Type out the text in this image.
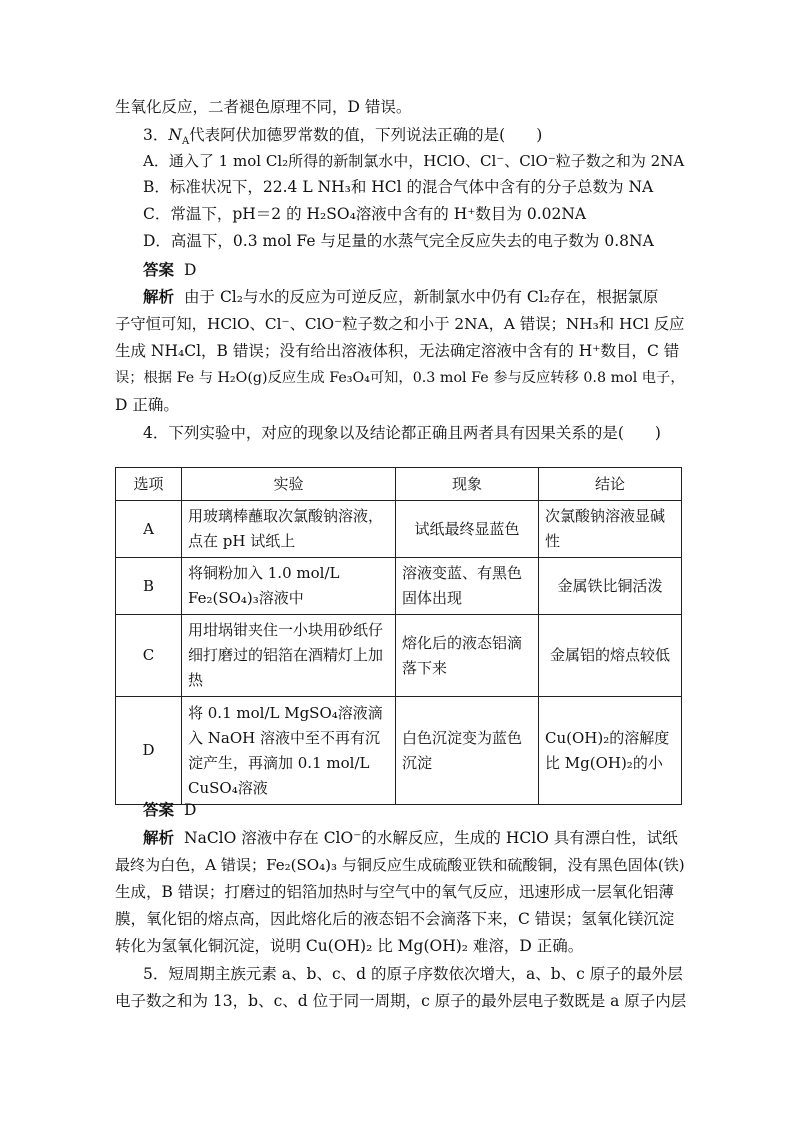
生氧化反应，二者褪色原理不同，D 错误。
3．$N_A$代表阿伏加德罗常数的值，下列说法正确的是(　　)
A．通入了 1 mol Cl₂所得的新制氯水中，HClO、Cl⁻、ClO⁻粒子数之和为 2NA
B．标准状况下，22.4 L NH₃和 HCl 的混合气体中含有的分子总数为 NA
C．常温下，pH＝2 的 H₂SO₄溶液中含有的 H⁺数目为 0.02NA
D．高温下，0.3 mol Fe 与足量的水蒸气完全反应失去的电子数为 0.8NA
答案 D
解析 由于 Cl₂与水的反应为可逆反应，新制氯水中仍有 Cl₂存在，根据氯原
子守恒可知，HClO、Cl⁻、ClO⁻粒子数之和小于 2NA，A 错误；NH₃和 HCl 反应
生成 NH₄Cl，B 错误；没有给出溶液体积，无法确定溶液中含有的 H⁺数目，C 错
误；根据 Fe 与 H₂O(g)反应生成 Fe₃O₄可知，0.3 mol Fe 参与反应转移 0.8 mol 电子，
D 正确。
4．下列实验中，对应的现象以及结论都正确且两者具有因果关系的是(　　)
选项	实验	现象	结论
A	用玻璃棒蘸取次氯酸钠溶液，点在 pH 试纸上	试纸最终显蓝色	次氯酸钠溶液显碱性
B	将铜粉加入 1.0 mol/L Fe₂(SO₄)₃溶液中	溶液变蓝、有黑色固体出现	金属铁比铜活泼
C	用坩埚钳夹住一小块用砂纸仔细打磨过的铝箔在酒精灯上加热	熔化后的液态铝滴落下来	金属铝的熔点较低
D	将 0.1 mol/L MgSO₄溶液滴入 NaOH 溶液中至不再有沉淀产生，再滴加 0.1 mol/L CuSO₄溶液	白色沉淀变为蓝色沉淀	Cu(OH)₂的溶解度比 Mg(OH)₂的小
答案 D
解析 NaClO 溶液中存在 ClO⁻的水解反应，生成的 HClO 具有漂白性，试纸
最终为白色，A 错误；Fe₂(SO₄)₃ 与铜反应生成硫酸亚铁和硫酸铜，没有黑色固体(铁)
生成，B 错误；打磨过的铝箔加热时与空气中的氧气反应，迅速形成一层氧化铝薄
膜，氧化铝的熔点高，因此熔化后的液态铝不会滴落下来，C 错误；氢氧化镁沉淀
转化为氢氧化铜沉淀，说明 Cu(OH)₂ 比 Mg(OH)₂ 难溶，D 正确。
5．短周期主族元素 a、b、c、d 的原子序数依次增大，a、b、c 原子的最外层
电子数之和为 13，b、c、d 位于同一周期，c 原子的最外层电子数既是 a 原子内层
